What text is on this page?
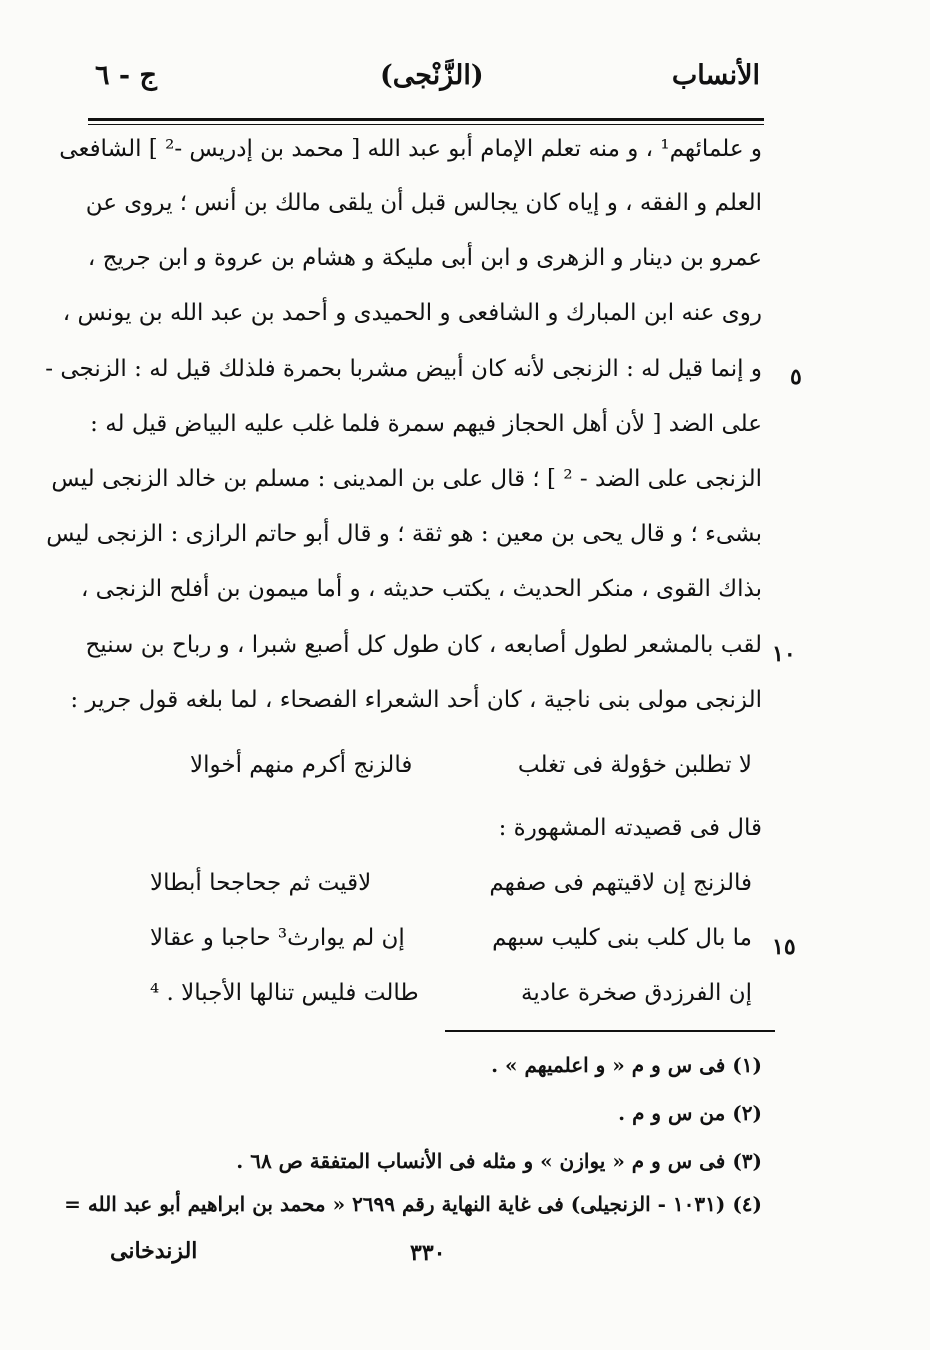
الأنساب
(الزَّنْجی)
ج - ٦
و علمائهم¹ ، و منه تعلم الإمام أبو عبد الله [ محمد بن إدريس -² ] الشافعی
العلم و الفقه ، و إياه كان يجالس قبل أن يلقى مالك بن أنس ؛ يروى عن
عمرو بن دينار و الزهری و ابن أبی مليكة و هشام بن عروة و ابن جريج ،
روى عنه ابن المبارك و الشافعی و الحميدی و أحمد بن عبد الله بن يونس ،
و إنما قيل له : الزنجی لأنه كان أبيض مشربا بحمرة فلذلك قيل له : الزنجی -
على الضد [ لأن أهل الحجاز فيهم سمرة فلما غلب عليه البياض قيل له :
الزنجی على الضد - ² ] ؛ قال على بن المدينی : مسلم بن خالد الزنجی ليس
بشیء ؛ و قال يحی بن معين : هو ثقة ؛ و قال أبو حاتم الرازی : الزنجی ليس
بذاك القوی ، منكر الحديث ، يكتب حديثه ، و أما ميمون بن أفلح الزنجی ،
لقب بالمشعر لطول أصابعه ، كان طول كل أصبع شبرا ، و رباح بن سنيح
الزنجی مولى بنی ناجية ، كان أحد الشعراء الفصحاء ، لما بلغه قول جرير :
٥
١٠
١٥
لا تطلبن خؤولة فی تغلب
فالزنج أكرم منهم أخوالا
قال فی قصيدته المشهورة :
فالزنج إن لاقيتهم فی صفهم
لاقيت ثم جحاجحا أبطالا
ما بال كلب بنی كليب سبهم
إن لم يوارث³ حاجبا و عقالا
إن الفرزدق صخرة عادية
طالت فليس تنالها الأجبالا . ⁴
(١) فی س و م « و اعلميهم » .
(٢) من س و م .
(٣) فی س و م « يوازن » و مثله فی الأنساب المتفقة ص ٦٨ .
(٤) (١٠٣١ - الزنجيلی) فی غاية النهاية رقم ٢٦٩٩ « محمد بن ابراهيم أبو عبد الله =
٣٣٠
الزندخانی
